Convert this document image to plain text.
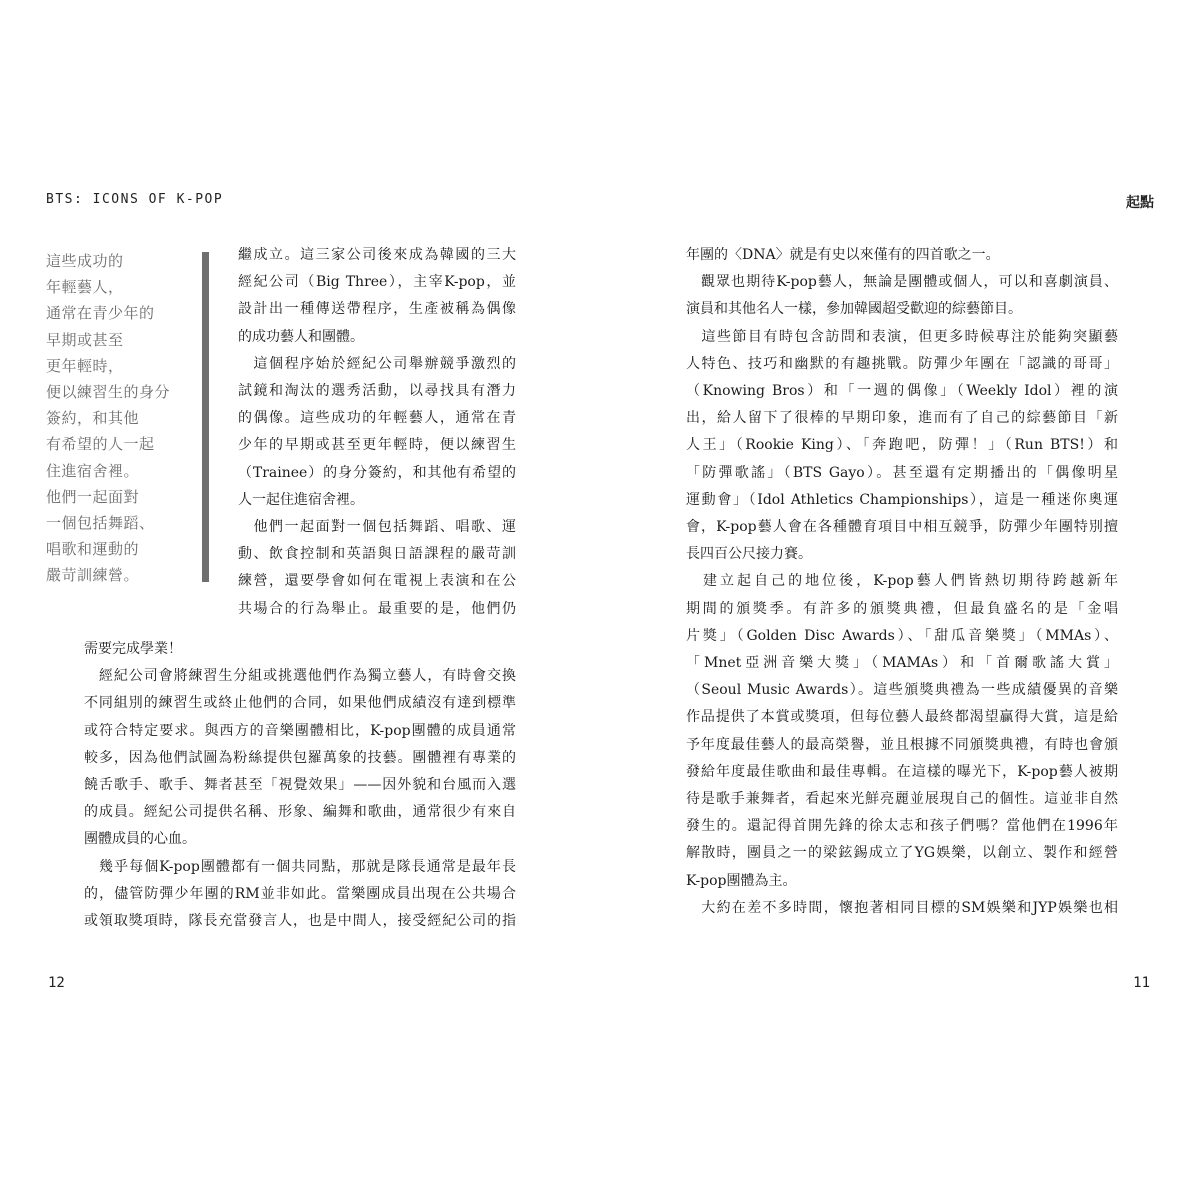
BTS: ICONS OF K-POP
這些成功的
年輕藝人，
通常在青少年的
早期或甚至
更年輕時，
便以練習生的身分
簽約，和其他
有希望的人一起
住進宿舍裡。
他們一起面對
一個包括舞蹈、
唱歌和運動的
嚴苛訓練營。
繼成立。這三家公司後來成為韓國的三大
經紀公司（Big Three），主宰K-pop，並
設計出一種傳送帶程序，生產被稱為偶像
的成功藝人和團體。
　這個程序始於經紀公司舉辦競爭激烈的
試鏡和淘汰的選秀活動，以尋找具有潛力
的偶像。這些成功的年輕藝人，通常在青
少年的早期或甚至更年輕時，便以練習生
（Trainee）的身分簽約，和其他有希望的
人一起住進宿舍裡。
　他們一起面對一個包括舞蹈、唱歌、運
動、飲食控制和英語與日語課程的嚴苛訓
練營，還要學會如何在電視上表演和在公
共場合的行為舉止。最重要的是，他們仍
需要完成學業！
　經紀公司會將練習生分組或挑選他們作為獨立藝人，有時會交換
不同組別的練習生或終止他們的合同，如果他們成績沒有達到標準
或符合特定要求。與西方的音樂團體相比，K-pop團體的成員通常
較多，因為他們試圖為粉絲提供包羅萬象的技藝。團體裡有專業的
饒舌歌手、歌手、舞者甚至「視覺效果」——因外貌和台風而入選
的成員。經紀公司提供名稱、形象、編舞和歌曲，通常很少有來自
團體成員的心血。
　幾乎每個K-pop團體都有一個共同點，那就是隊長通常是最年長
的，儘管防彈少年團的RM並非如此。當樂團成員出現在公共場合
或領取獎項時，隊長充當發言人，也是中間人，接受經紀公司的指
12
起點
年團的〈DNA〉就是有史以來僅有的四首歌之一。
　觀眾也期待K-pop藝人，無論是團體或個人，可以和喜劇演員、
演員和其他名人一樣，參加韓國超受歡迎的綜藝節目。
　這些節目有時包含訪問和表演，但更多時候專注於能夠突顯藝
人特色、技巧和幽默的有趣挑戰。防彈少年團在「認識的哥哥」
（Knowing Bros）和「一週的偶像」（Weekly Idol）裡的演
出，給人留下了很棒的早期印象，進而有了自己的綜藝節目「新
人王」（Rookie King）、「奔跑吧，防彈！」（Run BTS!）和
「防彈歌謠」（BTS Gayo）。甚至還有定期播出的「偶像明星
運動會」（Idol Athletics Championships），這是一種迷你奧運
會，K-pop藝人會在各種體育項目中相互競爭，防彈少年團特別擅
長四百公尺接力賽。
　建立起自己的地位後，K-pop藝人們皆熱切期待跨越新年
期間的頒獎季。有許多的頒獎典禮，但最負盛名的是「金唱
片獎」（Golden Disc Awards）、「甜瓜音樂獎」（MMAs）、
「Mnet亞洲音樂大獎」（MAMAs）和「首爾歌謠大賞」
（Seoul Music Awards）。這些頒獎典禮為一些成績優異的音樂
作品提供了本賞或獎項，但每位藝人最終都渴望贏得大賞，這是給
予年度最佳藝人的最高榮譽，並且根據不同頒獎典禮，有時也會頒
發給年度最佳歌曲和最佳專輯。在這樣的曝光下，K-pop藝人被期
待是歌手兼舞者，看起來光鮮亮麗並展現自己的個性。這並非自然
發生的。還記得首開先鋒的徐太志和孩子們嗎？當他們在1996年
解散時，團員之一的梁鉉錫成立了YG娛樂，以創立、製作和經營
K-pop團體為主。
　大約在差不多時間，懷抱著相同目標的SM娛樂和JYP娛樂也相
11
